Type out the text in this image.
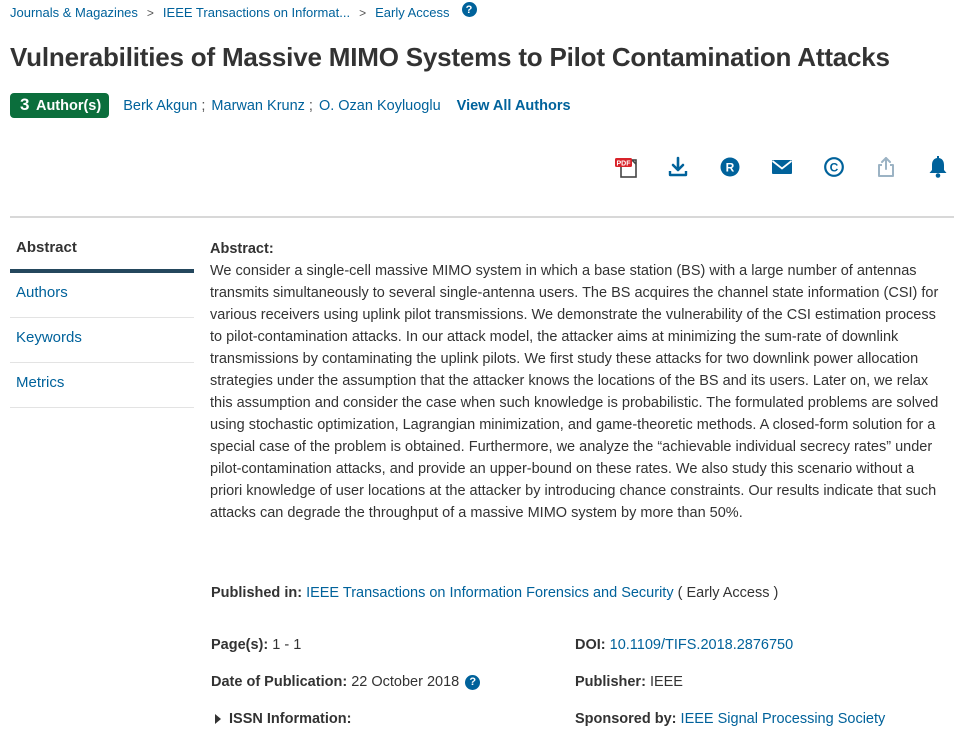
Journals & Magazines > IEEE Transactions on Informat... > Early Access	?
Vulnerabilities of Massive MIMO Systems to Pilot Contamination Attacks
3 Author(s)	Berk Akgun ; Marwan Krunz ; O. Ozan Koyluoglu View All Authors
PDF	R	C
Abstract
Authors
Keywords
Metrics
Abstract:
We consider a single-cell massive MIMO system in which a base station (BS) with a large number of antennas transmits simultaneously to several single-antenna users. The BS acquires the channel state information (CSI) for various receivers using uplink pilot transmissions. We demonstrate the vulnerability of the CSI estimation process to pilot-contamination attacks. In our attack model, the attacker aims at minimizing the sum-rate of downlink transmissions by contaminating the uplink pilots. We first study these attacks for two downlink power allocation strategies under the assumption that the attacker knows the locations of the BS and its users. Later on, we relax this assumption and consider the case when such knowledge is probabilistic. The formulated problems are solved using stochastic optimization, Lagrangian minimization, and game-theoretic methods. A closed-form solution for a special case of the problem is obtained. Furthermore, we analyze the “achievable individual secrecy rates” under pilot-contamination attacks, and provide an upper-bound on these rates. We also study this scenario without a priori knowledge of user locations at the attacker by introducing chance constraints. Our results indicate that such attacks can degrade the throughput of a massive MIMO system by more than 50%.
Published in: IEEE Transactions on Information Forensics and Security ( Early Access )
Page(s):
1 - 1
Date of Publication:
22 October 2018 ?
ISSN Information:
DOI:
10.1109/TIFS.2018.2876750
Publisher:
IEEE
Sponsored by:
IEEE Signal Processing Society
